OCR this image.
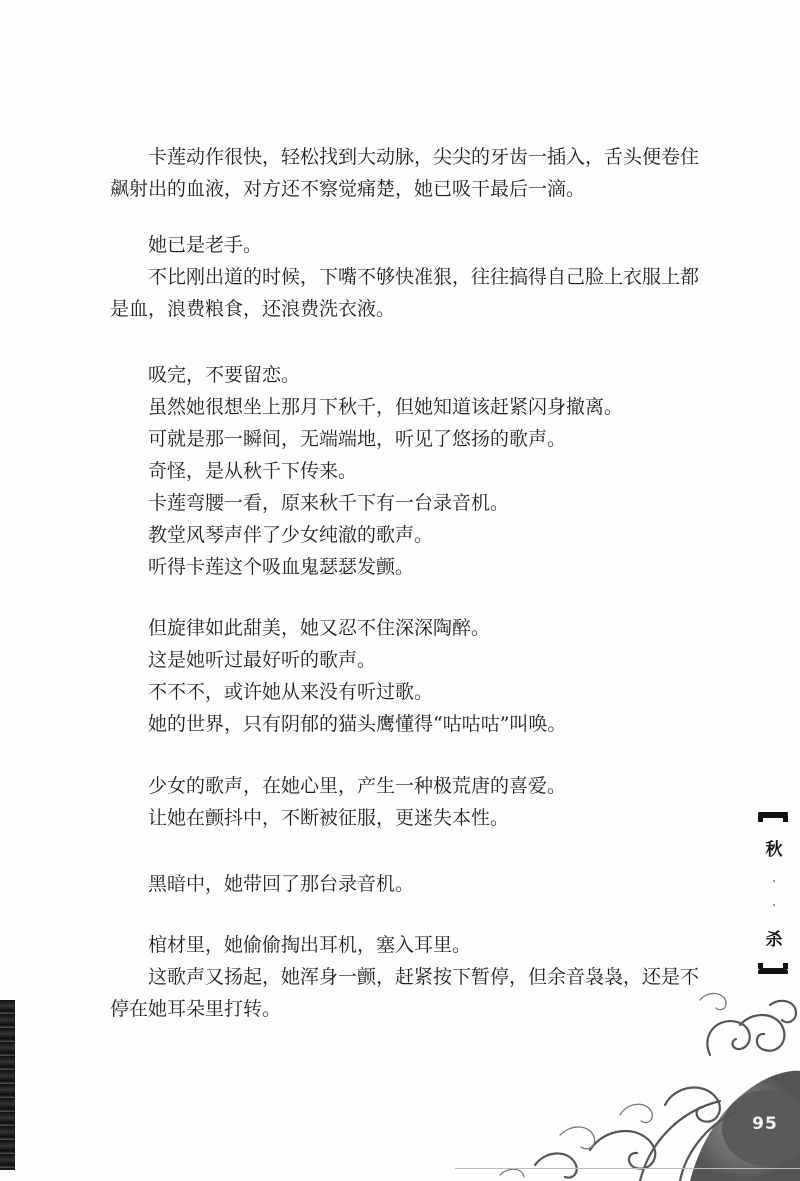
卡莲动作很快，轻松找到大动脉，尖尖的牙齿一插入，舌头便卷住飙射出的血液，对方还不察觉痛楚，她已吸干最后一滴。

她已是老手。

不比刚出道的时候，下嘴不够快准狠，往往搞得自己脸上衣服上都是血，浪费粮食，还浪费洗衣液。

吸完，不要留恋。

虽然她很想坐上那月下秋千，但她知道该赶紧闪身撤离。

可就是那一瞬间，无端端地，听见了悠扬的歌声。

奇怪，是从秋千下传来。

卡莲弯腰一看，原来秋千下有一台录音机。

教堂风琴声伴了少女纯澈的歌声。

听得卡莲这个吸血鬼瑟瑟发颤。

但旋律如此甜美，她又忍不住深深陶醉。

这是她听过最好听的歌声。

不不不，或许她从来没有听过歌。

她的世界，只有阴郁的猫头鹰懂得“咕咕咕”叫唤。

少女的歌声，在她心里，产生一种极荒唐的喜爱。

让她在颤抖中，不断被征服，更迷失本性。

黑暗中，她带回了那台录音机。

棺材里，她偷偷掏出耳机，塞入耳里。

这歌声又扬起，她浑身一颤，赶紧按下暂停，但余音袅袅，还是不停在她耳朵里打转。

秋
杀
95
